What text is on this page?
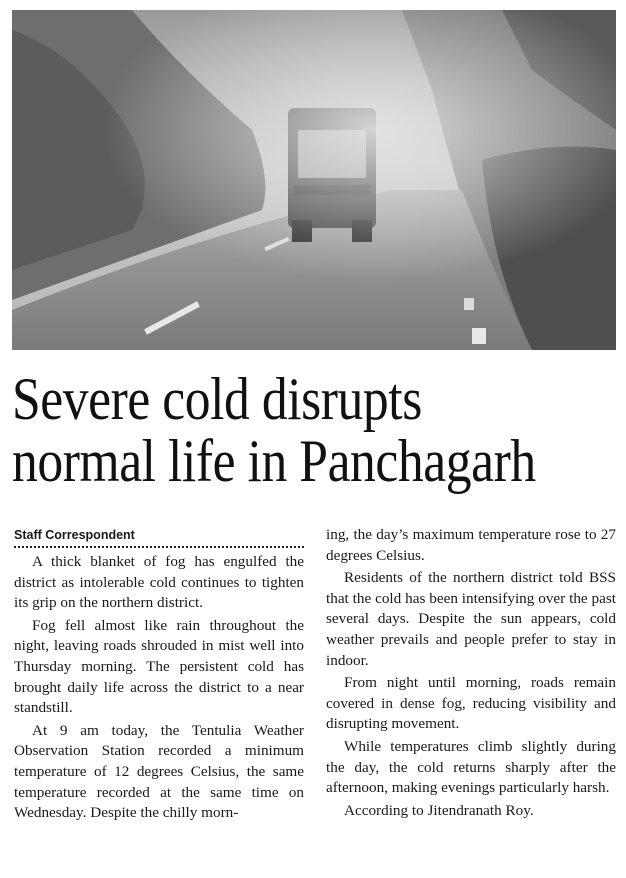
Severe cold disrupts
normal life in Panchagarh
Staff Correspondent

A thick blanket of fog has engulfed the district as intolerable cold continues to tighten its grip on the northern district.

Fog fell almost like rain throughout the night, leaving roads shrouded in mist well into Thursday morning. The persistent cold has brought daily life across the district to a near standstill.

At 9 am today, the Tentulia Weather Observation Station recorded a minimum temperature of 12 degrees Celsius, the same temperature recorded at the same time on Wednesday. Despite the chilly morn-

ing, the day’s maximum temperature rose to 27 degrees Celsius.

Residents of the northern district told BSS that the cold has been intensifying over the past several days. Despite the sun appears, cold weather prevails and people prefer to stay in indoor.

From night until morning, roads remain covered in dense fog, reducing visibility and disrupting movement.

While temperatures climb slightly during the day, the cold returns sharply after the afternoon, making evenings particularly harsh.

According to Jitendranath Roy.
